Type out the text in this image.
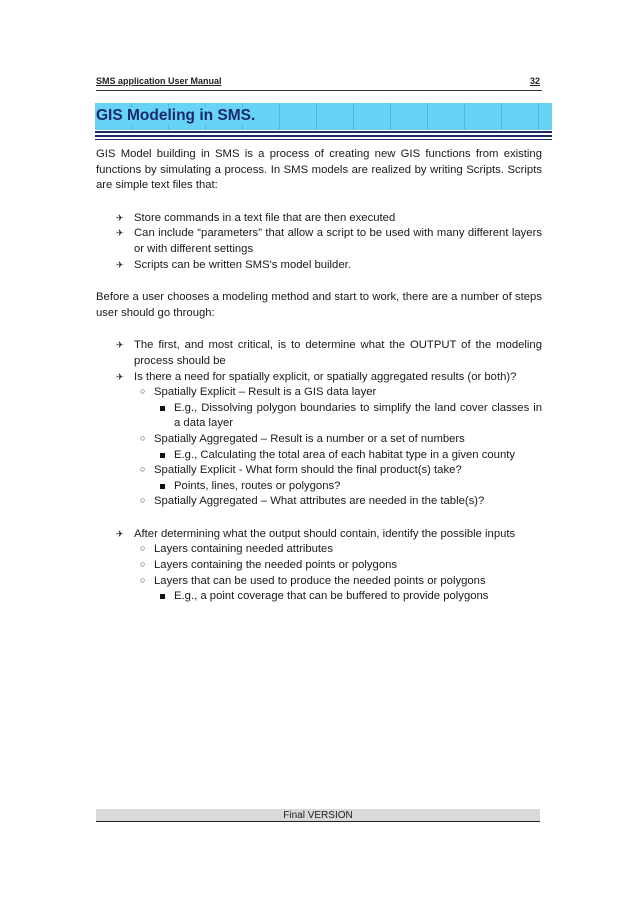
SMS application User Manual	32
GIS Modeling in SMS.

GIS Model building in SMS is a process of creating new GIS functions from existing functions by simulating a process. In SMS models are realized by writing Scripts. Scripts are simple text files that:

✈ Store commands in a text file that are then executed
✈ Can include “parameters” that allow a script to be used with many different layers or with different settings
✈ Scripts can be written SMS's model builder.

Before a user chooses a modeling method and start to work, there are a number of steps user should go through:

✈ The first, and most critical, is to determine what the OUTPUT of the modeling process should be
✈ Is there a need for spatially explicit, or spatially aggregated results (or both)?
○ Spatially Explicit – Result is a GIS data layer
E.g., Dissolving polygon boundaries to simplify the land cover classes in a data layer
○ Spatially Aggregated – Result is a number or a set of numbers
E.g., Calculating the total area of each habitat type in a given county
○ Spatially Explicit - What form should the final product(s) take?
Points, lines, routes or polygons?
○ Spatially Aggregated – What attributes are needed in the table(s)?
✈ After determining what the output should contain, identify the possible inputs
○ Layers containing needed attributes
○ Layers containing the needed points or polygons
○ Layers that can be used to produce the needed points or polygons
E.g., a point coverage that can be buffered to provide polygons
Final VERSION
